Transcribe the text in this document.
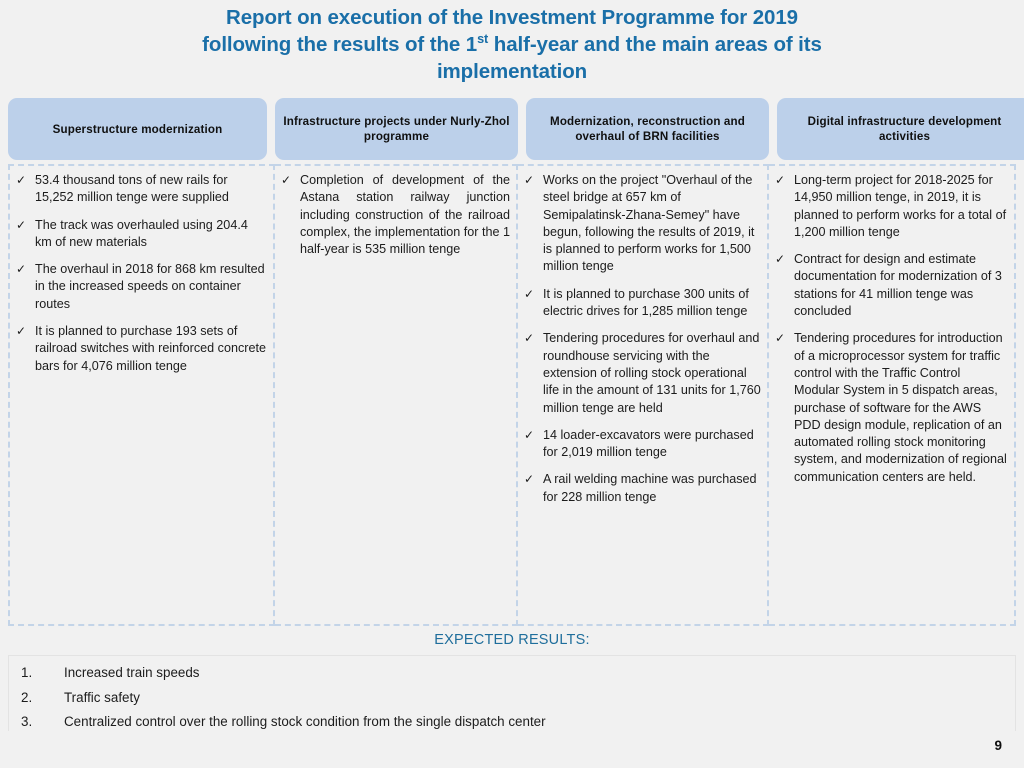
Report on execution of the Investment Programme for 2019
following the results of the 1st half-year and the main areas of its
implementation
Superstructure modernization
Infrastructure projects under Nurly-Zhol programme
Modernization, reconstruction and overhaul of BRN facilities
Digital infrastructure development activities
✓ 53.4 thousand tons of new rails for 15,252 million tenge were supplied
✓ The track was overhauled using 204.4 km of new materials
✓ The overhaul in 2018 for 868 km resulted in the increased speeds on container routes
✓ It is planned to purchase 193 sets of railroad switches with reinforced concrete bars for 4,076 million tenge
✓ Completion of development of the Astana station railway junction including construction of the railroad complex, the implementation for the 1 half-year is 535 million tenge
✓ Works on the project "Overhaul of the steel bridge at 657 km of Semipalatinsk-Zhana-Semey" have begun, following the results of 2019, it is planned to perform works for 1,500 million tenge
✓ It is planned to purchase 300 units of electric drives for 1,285 million tenge
✓ Tendering procedures for overhaul and roundhouse servicing with the extension of rolling stock operational life in the amount of 131 units for 1,760 million tenge are held
✓ 14 loader-excavators were purchased for 2,019 million tenge
✓ A rail welding machine was purchased for 228 million tenge
✓ Long-term project for 2018-2025 for 14,950 million tenge, in 2019, it is planned to perform works for a total of 1,200 million tenge
✓ Contract for design and estimate documentation for modernization of 3 stations for 41 million tenge was concluded
✓ Tendering procedures for introduction of a microprocessor system for traffic control with the Traffic Control Modular System in 5 dispatch areas, purchase of software for the AWS PDD design module, replication of an automated rolling stock monitoring system, and modernization of regional communication centers are held.
EXPECTED RESULTS:
1. Increased train speeds
2. Traffic safety
3. Centralized control over the rolling stock condition from the single dispatch center
9
